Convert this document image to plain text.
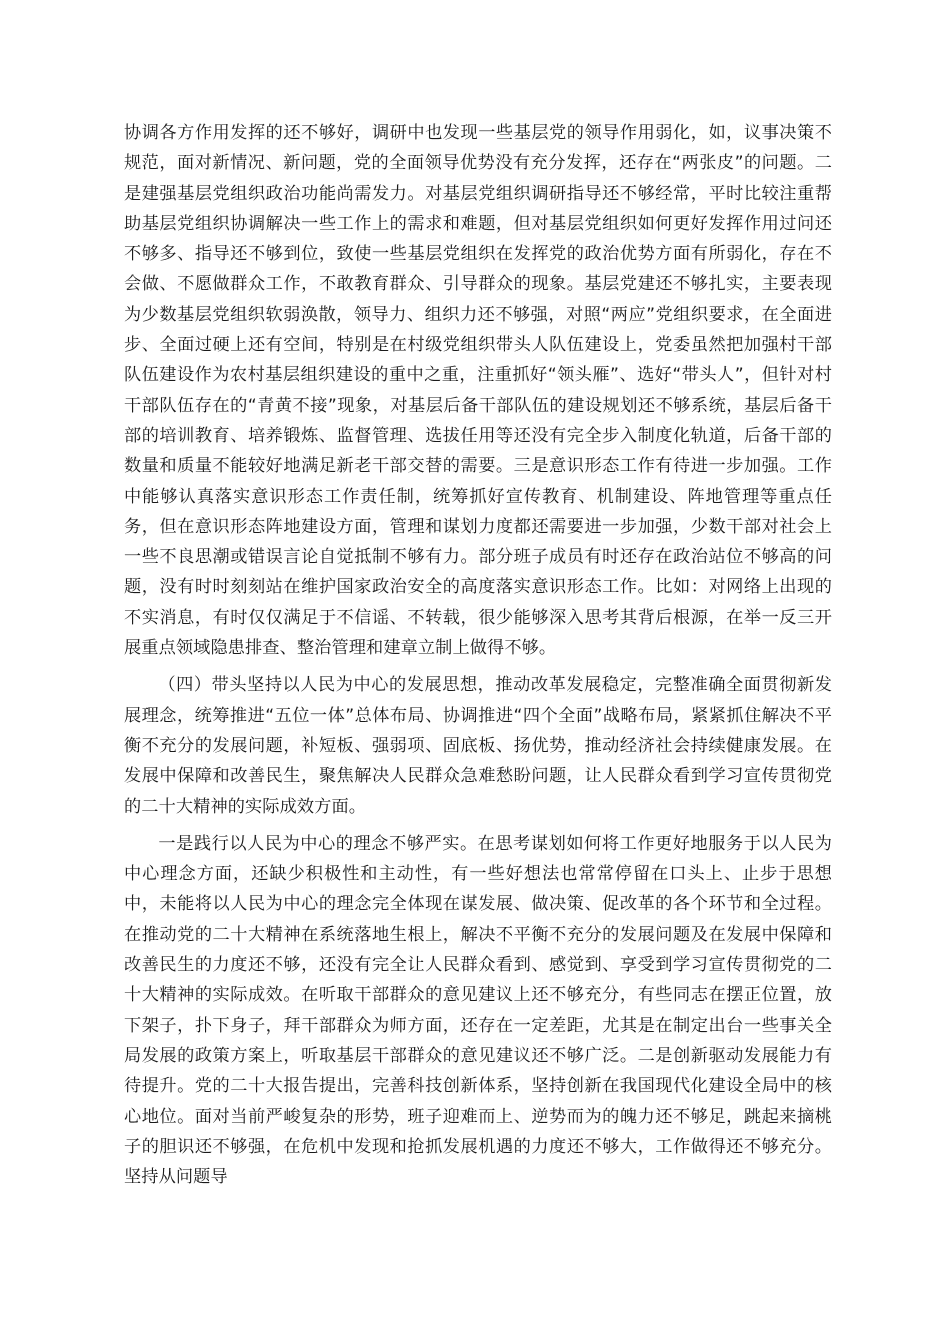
协调各方作用发挥的还不够好，调研中也发现一些基层党的领导作用弱化，如，议事决策不规范，面对新情况、新问题，党的全面领导优势没有充分发挥，还存在“两张皮”的问题。二是建强基层党组织政治功能尚需发力。对基层党组织调研指导还不够经常，平时比较注重帮助基层党组织协调解决一些工作上的需求和难题，但对基层党组织如何更好发挥作用过问还不够多、指导还不够到位，致使一些基层党组织在发挥党的政治优势方面有所弱化，存在不会做、不愿做群众工作，不敢教育群众、引导群众的现象。基层党建还不够扎实，主要表现为少数基层党组织软弱涣散，领导力、组织力还不够强，对照“两应”党组织要求，在全面进步、全面过硬上还有空间，特别是在村级党组织带头人队伍建设上，党委虽然把加强村干部队伍建设作为农村基层组织建设的重中之重，注重抓好“领头雁”、选好“带头人”，但针对村干部队伍存在的“青黄不接”现象，对基层后备干部队伍的建设规划还不够系统，基层后备干部的培训教育、培养锻炼、监督管理、选拔任用等还没有完全步入制度化轨道，后备干部的数量和质量不能较好地满足新老干部交替的需要。三是意识形态工作有待进一步加强。工作中能够认真落实意识形态工作责任制，统筹抓好宣传教育、机制建设、阵地管理等重点任务，但在意识形态阵地建设方面，管理和谋划力度都还需要进一步加强，少数干部对社会上一些不良思潮或错误言论自觉抵制不够有力。部分班子成员有时还存在政治站位不够高的问题，没有时时刻刻站在维护国家政治安全的高度落实意识形态工作。比如：对网络上出现的不实消息，有时仅仅满足于不信谣、不转载，很少能够深入思考其背后根源，在举一反三开展重点领域隐患排查、整治管理和建章立制上做得不够。

（四）带头坚持以人民为中心的发展思想，推动改革发展稳定，完整准确全面贯彻新发展理念，统筹推进“五位一体”总体布局、协调推进“四个全面”战略布局，紧紧抓住解决不平衡不充分的发展问题，补短板、强弱项、固底板、扬优势，推动经济社会持续健康发展。在发展中保障和改善民生，聚焦解决人民群众急难愁盼问题，让人民群众看到学习宣传贯彻党的二十大精神的实际成效方面。

一是践行以人民为中心的理念不够严实。在思考谋划如何将工作更好地服务于以人民为中心理念方面，还缺少积极性和主动性，有一些好想法也常常停留在口头上、止步于思想中，未能将以人民为中心的理念完全体现在谋发展、做决策、促改革的各个环节和全过程。在推动党的二十大精神在系统落地生根上，解决不平衡不充分的发展问题及在发展中保障和改善民生的力度还不够，还没有完全让人民群众看到、感觉到、享受到学习宣传贯彻党的二十大精神的实际成效。在听取干部群众的意见建议上还不够充分，有些同志在摆正位置，放下架子，扑下身子，拜干部群众为师方面，还存在一定差距，尤其是在制定出台一些事关全局发展的政策方案上，听取基层干部群众的意见建议还不够广泛。二是创新驱动发展能力有待提升。党的二十大报告提出，完善科技创新体系，坚持创新在我国现代化建设全局中的核心地位。面对当前严峻复杂的形势，班子迎难而上、逆势而为的魄力还不够足，跳起来摘桃子的胆识还不够强，在危机中发现和抢抓发展机遇的力度还不够大，工作做得还不够充分。坚持从问题导
